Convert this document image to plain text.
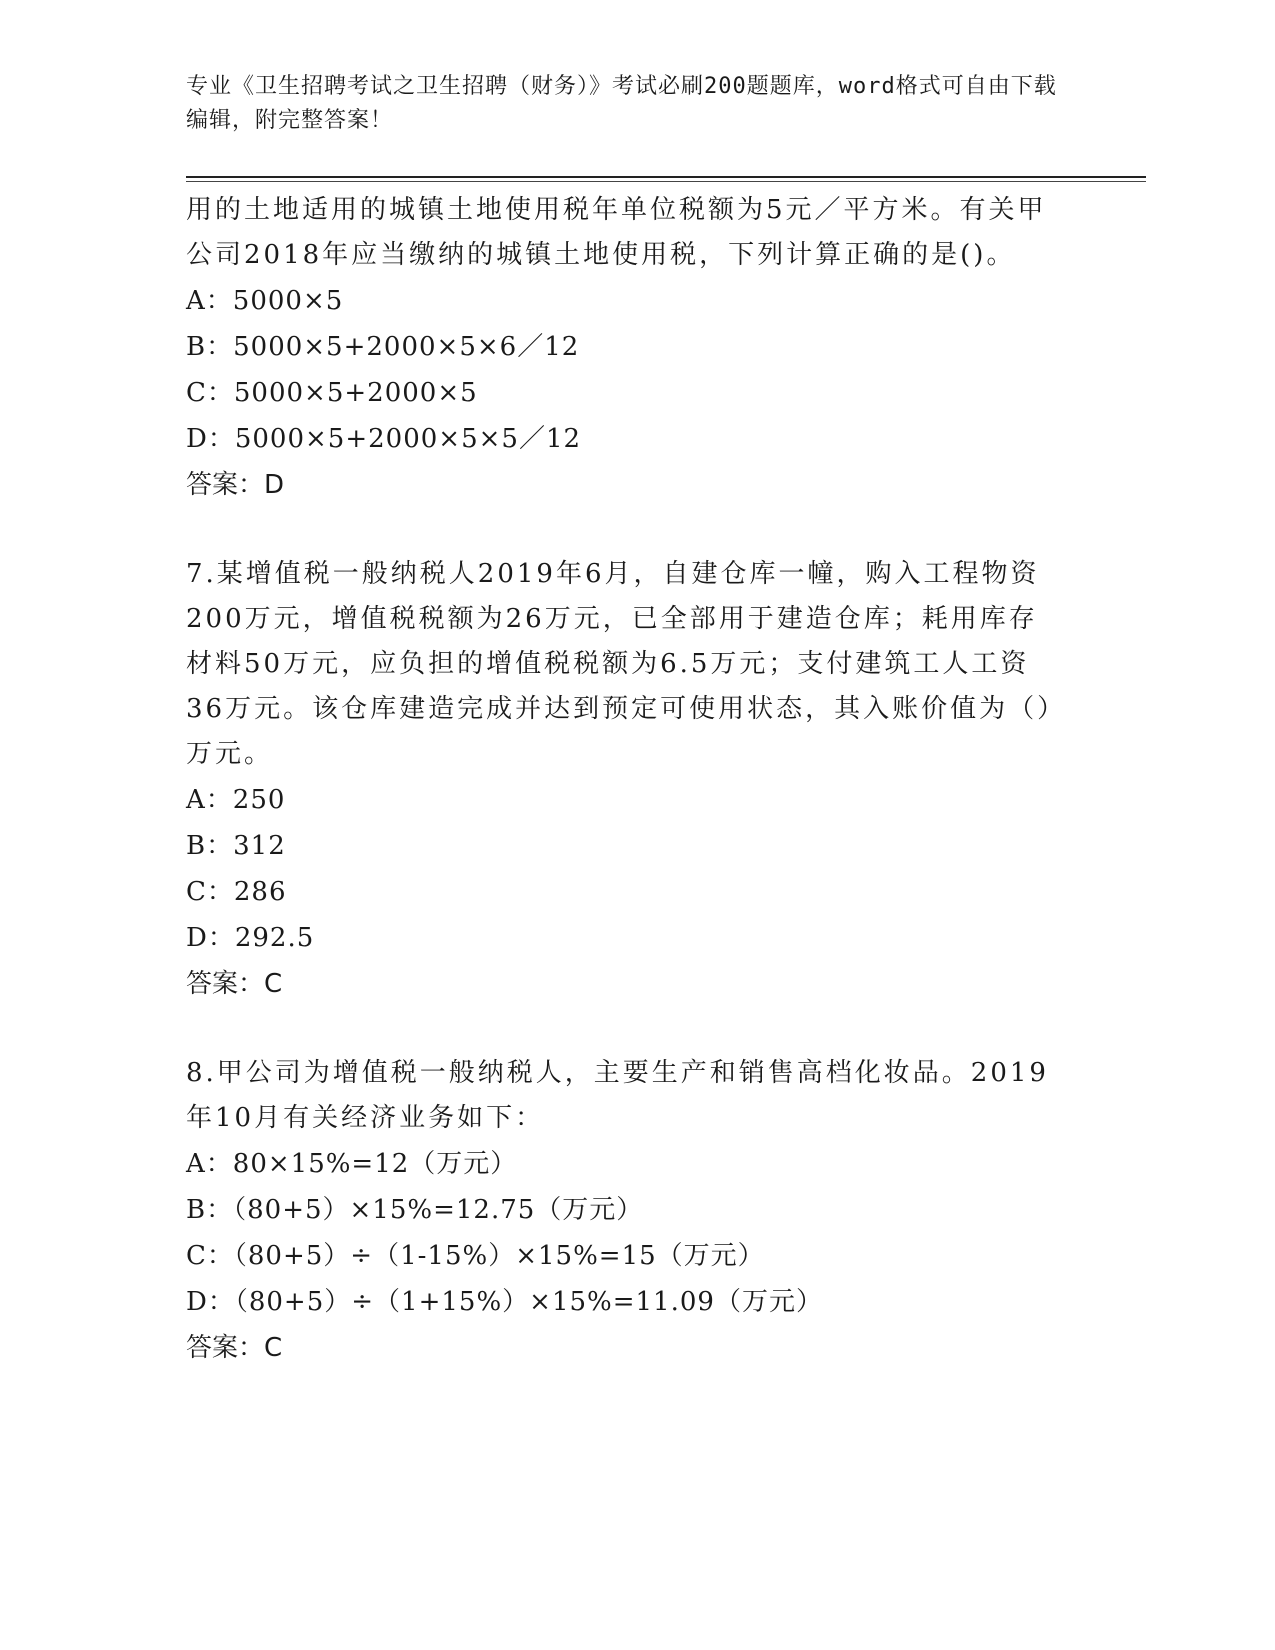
专业《卫生招聘考试之卫生招聘（财务）》考试必刷200题题库，word格式可自由下载编辑，附完整答案！

用的土地适用的城镇土地使用税年单位税额为5元／平方米。有关甲公司2018年应当缴纳的城镇土地使用税，下列计算正确的是()。

A：5000×5

B：5000×5+2000×5×6／12

C：5000×5+2000×5

D：5000×5+2000×5×5／12

答案：D

7.某增值税一般纳税人2019年6月，自建仓库一幢，购入工程物资200万元，增值税税额为26万元，已全部用于建造仓库；耗用库存材料50万元，应负担的增值税税额为6.5万元；支付建筑工人工资36万元。该仓库建造完成并达到预定可使用状态，其入账价值为（）万元。

A：250

B：312

C：286

D：292.5

答案：C

8.甲公司为增值税一般纳税人，主要生产和销售高档化妆品。2019年10月有关经济业务如下：

A：80×15%=12（万元）

B：（80+5）×15%=12.75（万元）

C：（80+5）÷（1-15%）×15%=15（万元）

D：（80+5）÷（1+15%）×15%=11.09（万元）

答案：C
